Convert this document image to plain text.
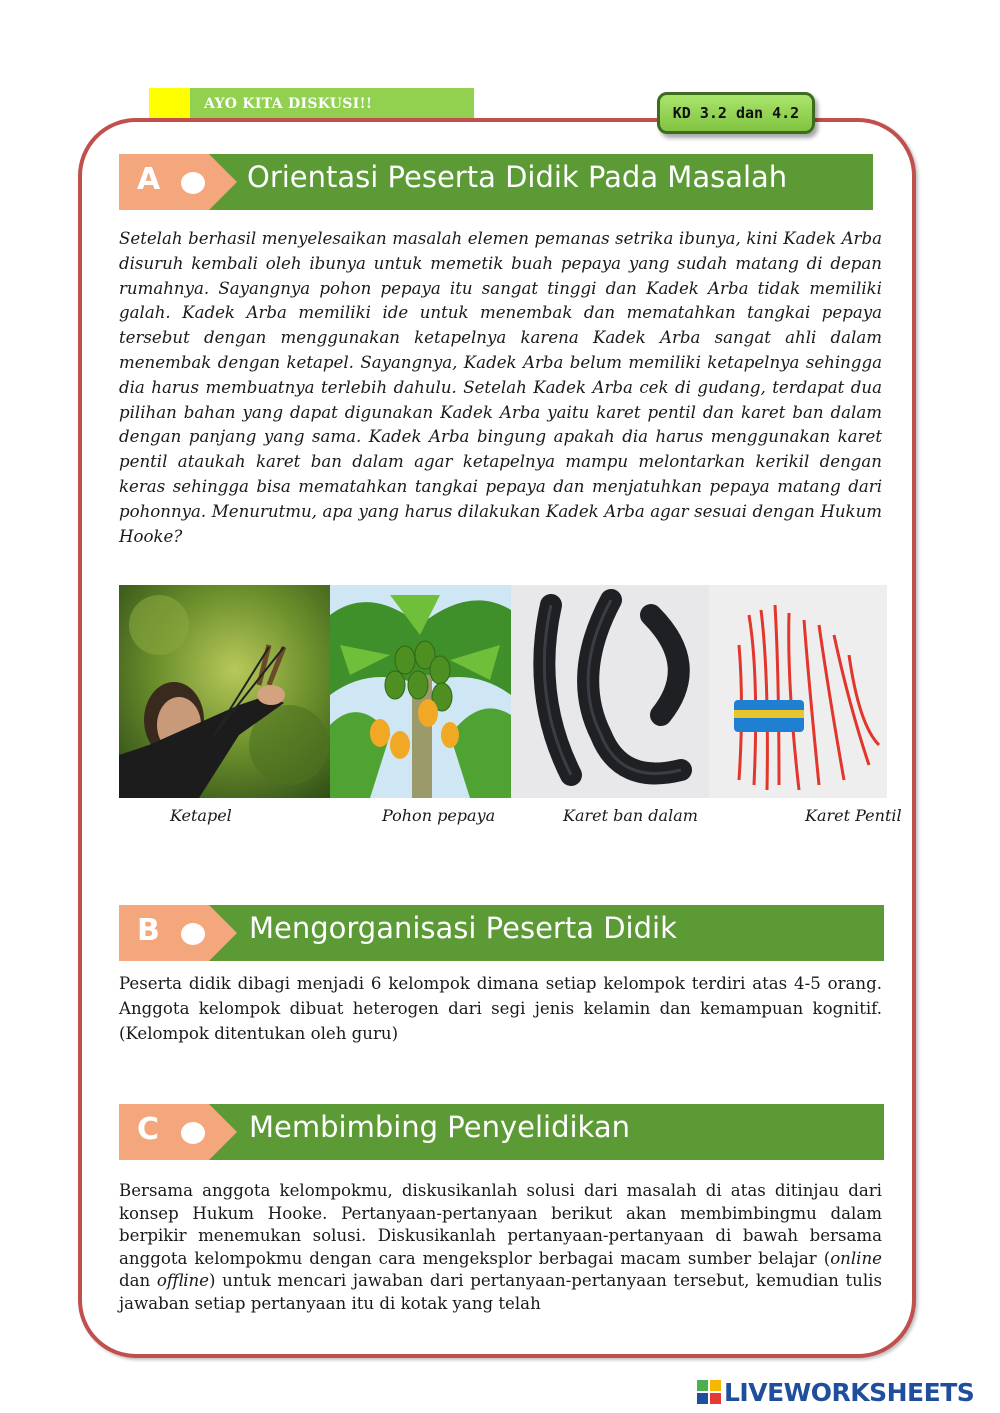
AYO KITA DISKUSI!!	KD 3.2 dan 4.2
A	Orientasi Peserta Didik Pada Masalah
Setelah berhasil menyelesaikan masalah elemen pemanas setrika ibunya, kini Kadek Arba disuruh kembali oleh ibunya untuk memetik buah pepaya yang sudah matang di depan rumahnya. Sayangnya pohon pepaya itu sangat tinggi dan Kadek Arba tidak memiliki galah. Kadek Arba memiliki ide untuk menembak dan mematahkan tangkai pepaya tersebut dengan menggunakan ketapelnya karena Kadek Arba sangat ahli dalam menembak dengan ketapel. Sayangnya, Kadek Arba belum memiliki ketapelnya sehingga dia harus membuatnya terlebih dahulu. Setelah Kadek Arba cek di gudang, terdapat dua pilihan bahan yang dapat digunakan Kadek Arba yaitu karet pentil dan karet ban dalam dengan panjang yang sama. Kadek Arba bingung apakah dia harus menggunakan karet pentil ataukah karet ban dalam agar ketapelnya mampu melontarkan kerikil dengan keras sehingga bisa mematahkan tangkai pepaya dan menjatuhkan pepaya matang dari pohonnya. Menurutmu, apa yang harus dilakukan Kadek Arba agar sesuai dengan Hukum Hooke?
Ketapel	Pohon pepaya	Karet ban dalam	Karet Pentil
B	Mengorganisasi Peserta Didik
Peserta didik dibagi menjadi 6 kelompok dimana setiap kelompok terdiri atas 4-5 orang. Anggota kelompok dibuat heterogen dari segi jenis kelamin dan kemampuan kognitif. (Kelompok ditentukan oleh guru)
C	Membimbing Penyelidikan
Bersama anggota kelompokmu, diskusikanlah solusi dari masalah di atas ditinjau dari konsep Hukum Hooke. Pertanyaan-pertanyaan berikut akan membimbingmu dalam berpikir menemukan solusi. Diskusikanlah pertanyaan-pertanyaan di bawah bersama anggota kelompokmu dengan cara mengeksplor berbagai macam sumber belajar (online dan offline) untuk mencari jawaban dari pertanyaan-pertanyaan tersebut, kemudian tulis jawaban setiap pertanyaan itu di kotak yang telah
LIVEWORKSHEETS
